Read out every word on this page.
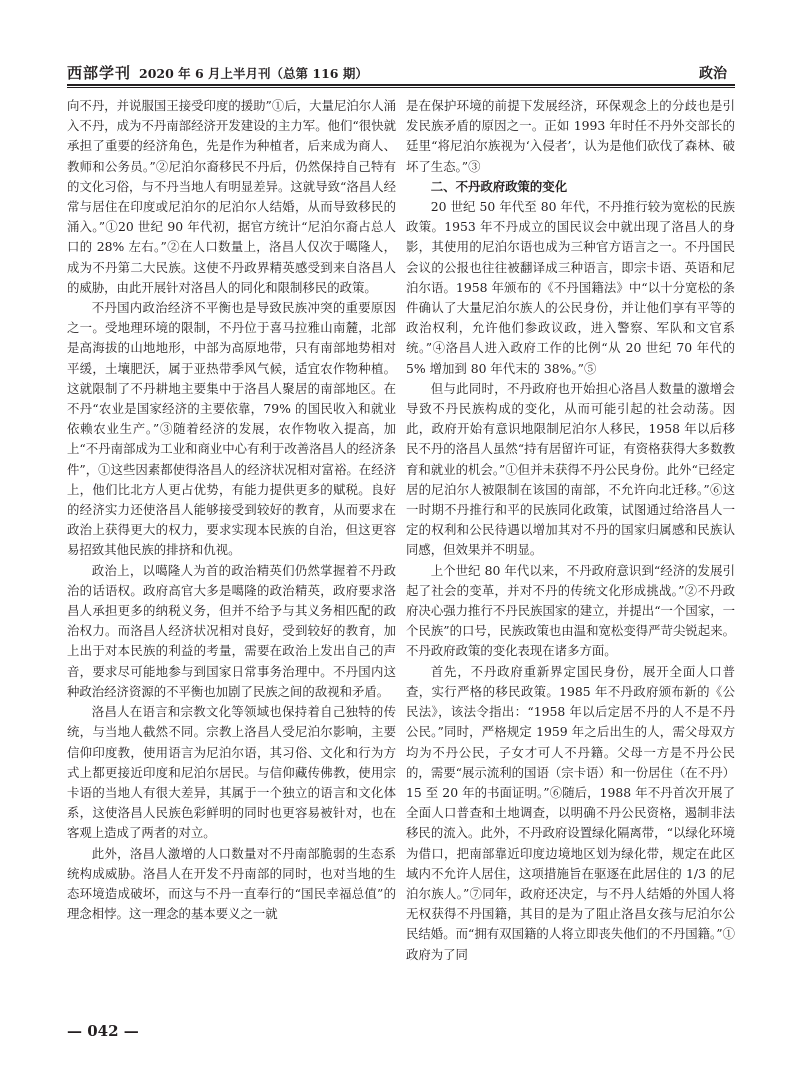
西部学刊 2020 年 6 月上半月刊（总第 116 期）	政治

向不丹，并说服国王接受印度的援助”①后，大量尼泊尔人涌入不丹，成为不丹南部经济开发建设的主力军。他们“很快就承担了重要的经济角色，先是作为种植者，后来成为商人、教师和公务员。”②尼泊尔裔移民不丹后，仍然保持自己特有的文化习俗，与不丹当地人有明显差异。这就导致“洛昌人经常与居住在印度或尼泊尔的尼泊尔人结婚，从而导致移民的涌入。”①20 世纪 90 年代初，据官方统计“尼泊尔裔占总人口的 28% 左右。”②在人口数量上，洛昌人仅次于噶隆人，成为不丹第二大民族。这使不丹政界精英感受到来自洛昌人的威胁，由此开展针对洛昌人的同化和限制移民的政策。

不丹国内政治经济不平衡也是导致民族冲突的重要原因之一。受地理环境的限制，不丹位于喜马拉雅山南麓，北部是高海拔的山地地形，中部为高原地带，只有南部地势相对平缓，土壤肥沃，属于亚热带季风气候，适宜农作物种植。这就限制了不丹耕地主要集中于洛昌人聚居的南部地区。在不丹“农业是国家经济的主要依靠，79% 的国民收入和就业依赖农业生产。”③随着经济的发展，农作物收入提高，加上“不丹南部成为工业和商业中心有利于改善洛昌人的经济条件”，①这些因素都使得洛昌人的经济状况相对富裕。在经济上，他们比北方人更占优势，有能力提供更多的赋税。良好的经济实力还使洛昌人能够接受到较好的教育，从而要求在政治上获得更大的权力，要求实现本民族的自治，但这更容易招致其他民族的排挤和仇视。

政治上，以噶隆人为首的政治精英们仍然掌握着不丹政治的话语权。政府高官大多是噶隆的政治精英，政府要求洛昌人承担更多的纳税义务，但并不给予与其义务相匹配的政治权力。而洛昌人经济状况相对良好，受到较好的教育，加上出于对本民族的利益的考量，需要在政治上发出自己的声音，要求尽可能地参与到国家日常事务治理中。不丹国内这种政治经济资源的不平衡也加剧了民族之间的敌视和矛盾。

洛昌人在语言和宗教文化等领域也保持着自己独特的传统，与当地人截然不同。宗教上洛昌人受尼泊尔影响，主要信仰印度教，使用语言为尼泊尔语，其习俗、文化和行为方式上都更接近印度和尼泊尔居民。与信仰藏传佛教，使用宗卡语的当地人有很大差异，其属于一个独立的语言和文化体系，这使洛昌人民族色彩鲜明的同时也更容易被针对，也在客观上造成了两者的对立。

此外，洛昌人激增的人口数量对不丹南部脆弱的生态系统构成威胁。洛昌人在开发不丹南部的同时，也对当地的生态环境造成破坏，而这与不丹一直奉行的“国民幸福总值”的理念相悖。这一理念的基本要义之一就

是在保护环境的前提下发展经济，环保观念上的分歧也是引发民族矛盾的原因之一。正如 1993 年时任不丹外交部长的廷里“将尼泊尔族视为‘入侵者’，认为是他们砍伐了森林、破坏了生态。”③

二、不丹政府政策的变化

20 世纪 50 年代至 80 年代，不丹推行较为宽松的民族政策。1953 年不丹成立的国民议会中就出现了洛昌人的身影，其使用的尼泊尔语也成为三种官方语言之一。不丹国民会议的公报也往往被翻译成三种语言，即宗卡语、英语和尼泊尔语。1958 年颁布的《不丹国籍法》中“以十分宽松的条件确认了大量尼泊尔族人的公民身份，并让他们享有平等的政治权利，允许他们参政议政，进入警察、军队和文官系统。”④洛昌人进入政府工作的比例“从 20 世纪 70 年代的 5% 增加到 80 年代末的 38%。”⑤

但与此同时，不丹政府也开始担心洛昌人数量的激增会导致不丹民族构成的变化，从而可能引起的社会动荡。因此，政府开始有意识地限制尼泊尔人移民，1958 年以后移民不丹的洛昌人虽然“持有居留许可证，有资格获得大多数教育和就业的机会。”①但并未获得不丹公民身份。此外“已经定居的尼泊尔人被限制在该国的南部，不允许向北迁移。”⑥这一时期不丹推行和平的民族同化政策，试图通过给洛昌人一定的权利和公民待遇以增加其对不丹的国家归属感和民族认同感，但效果并不明显。

上个世纪 80 年代以来，不丹政府意识到“经济的发展引起了社会的变革，并对不丹的传统文化形成挑战。”②不丹政府决心强力推行不丹民族国家的建立，并提出“一个国家，一个民族”的口号，民族政策也由温和宽松变得严苛尖锐起来。不丹政府政策的变化表现在诸多方面。

首先，不丹政府重新界定国民身份，展开全面人口普查，实行严格的移民政策。1985 年不丹政府颁布新的《公民法》，该法令指出：“1958 年以后定居不丹的人不是不丹公民。”同时，严格规定 1959 年之后出生的人，需父母双方均为不丹公民，子女才可人不丹籍。父母一方是不丹公民的，需要“展示流利的国语（宗卡语）和一份居住（在不丹）15 至 20 年的书面证明。”⑥随后，1988 年不丹首次开展了全面人口普查和土地调查，以明确不丹公民资格，遏制非法移民的流入。此外，不丹政府设置绿化隔离带，“以绿化环境为借口，把南部靠近印度边境地区划为绿化带，规定在此区域内不允许人居住，这项措施旨在驱逐在此居住的 1/3 的尼泊尔族人。”⑦同年，政府还决定，与不丹人结婚的外国人将无权获得不丹国籍，其目的是为了阻止洛昌女孩与尼泊尔公民结婚。而“拥有双国籍的人将立即丧失他们的不丹国籍。”①政府为了同

— 042 —
